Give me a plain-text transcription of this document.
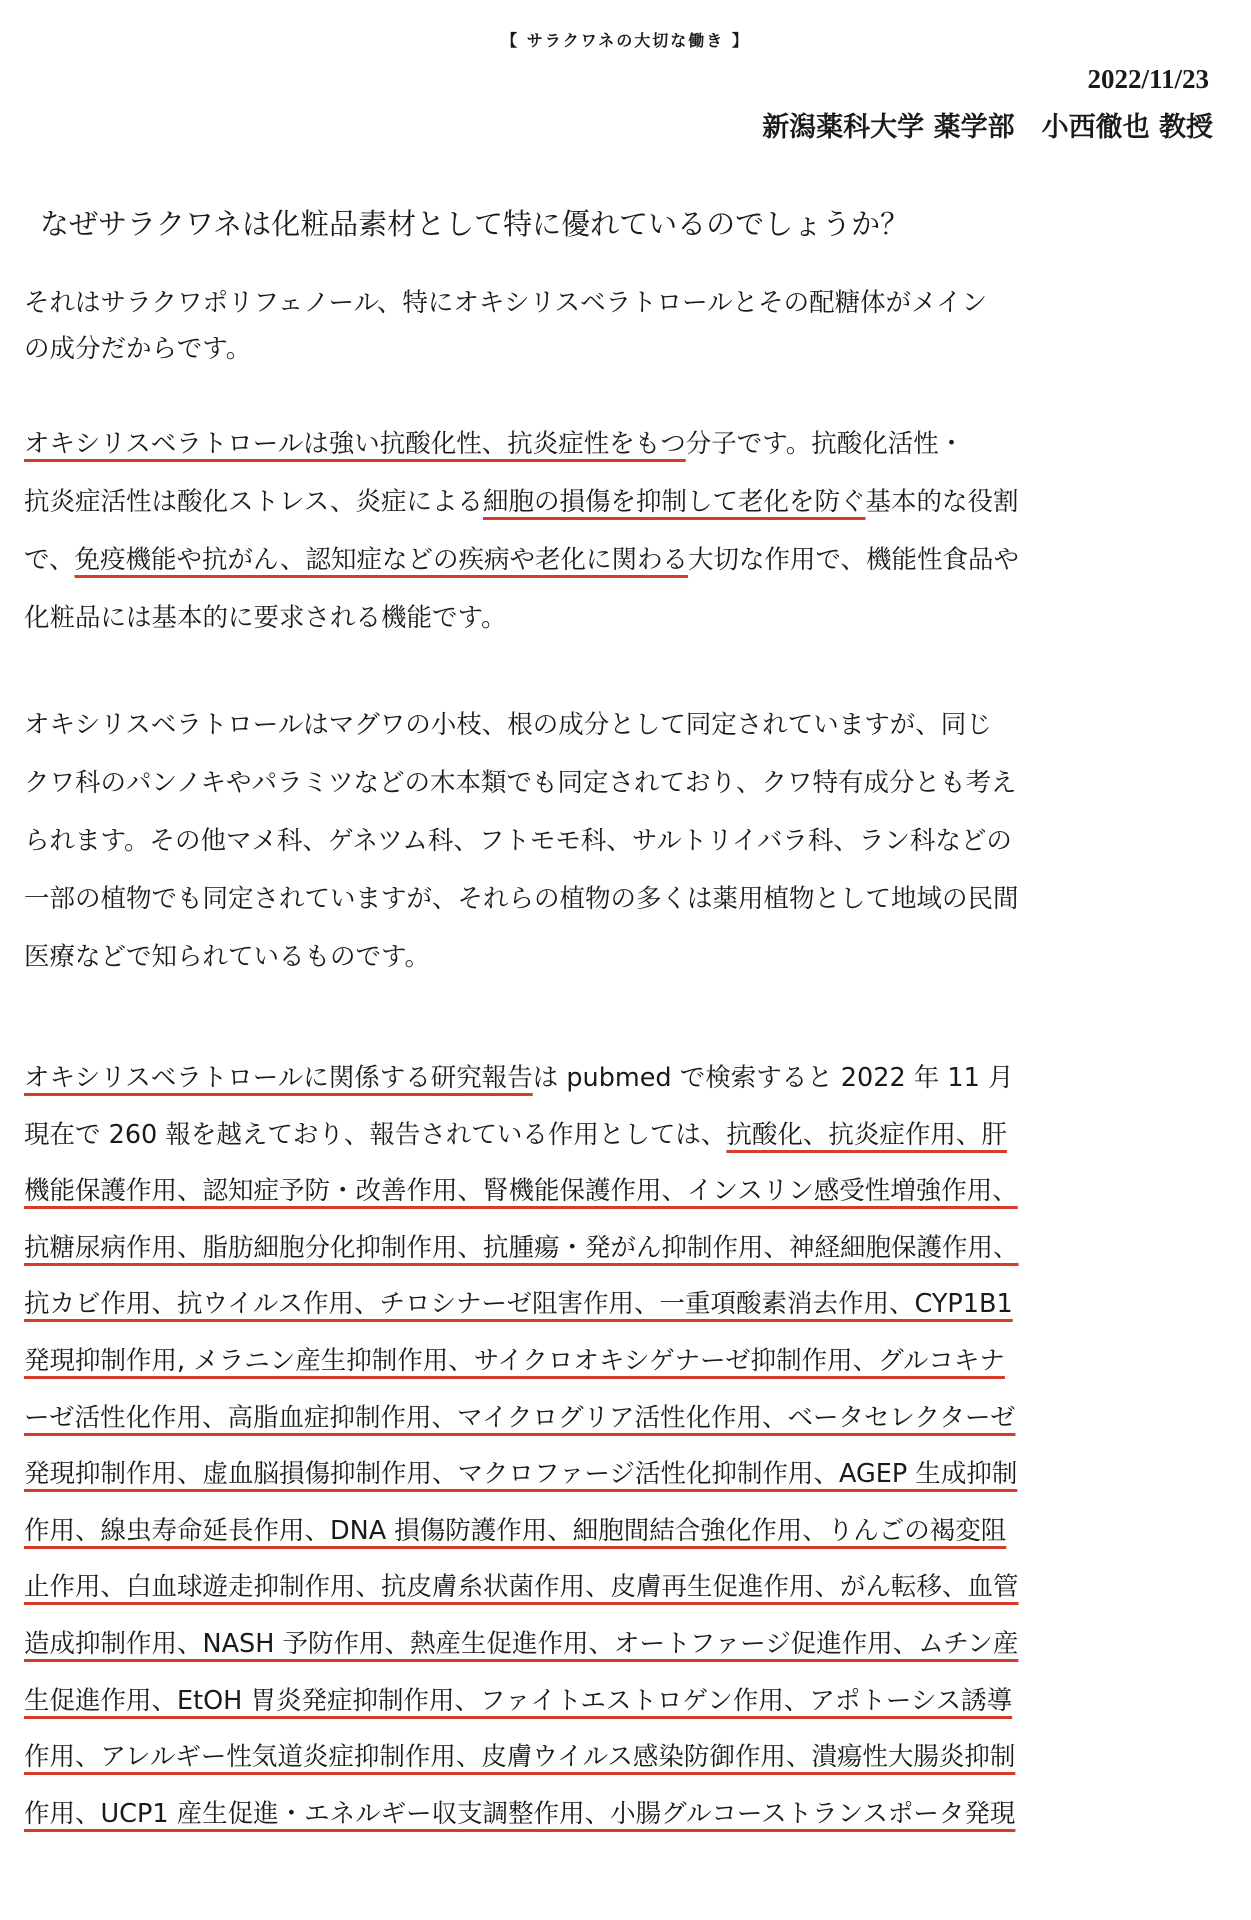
【 サラクワネの大切な働き 】
2022/11/23
新潟薬科大学 薬学部　小西徹也 教授
なぜサラクワネは化粧品素材として特に優れているのでしょうか？
それはサラクワポリフェノール、特にオキシリスベラトロールとその配糖体がメイン
の成分だからです。
オキシリスベラトロールは強い抗酸化性、抗炎症性をもつ分子です。抗酸化活性・
抗炎症活性は酸化ストレス、炎症による細胞の損傷を抑制して老化を防ぐ基本的な役割
で、免疫機能や抗がん、認知症などの疾病や老化に関わる大切な作用で、機能性食品や
化粧品には基本的に要求される機能です。
オキシリスベラトロールはマグワの小枝、根の成分として同定されていますが、同じ
クワ科のパンノキやパラミツなどの木本類でも同定されており、クワ特有成分とも考え
られます。その他マメ科、ゲネツム科、フトモモ科、サルトリイバラ科、ラン科などの
一部の植物でも同定されていますが、それらの植物の多くは薬用植物として地域の民間
医療などで知られているものです。
オキシリスベラトロールに関係する研究報告は pubmed で検索すると 2022 年 11 月
現在で 260 報を越えており、報告されている作用としては、抗酸化、抗炎症作用、肝
機能保護作用、認知症予防・改善作用、腎機能保護作用、インスリン感受性増強作用、
抗糖尿病作用、脂肪細胞分化抑制作用、抗腫瘍・発がん抑制作用、神経細胞保護作用、
抗カビ作用、抗ウイルス作用、チロシナーゼ阻害作用、一重項酸素消去作用、CYP1B1
発現抑制作用, メラニン産生抑制作用、サイクロオキシゲナーゼ抑制作用、グルコキナ
ーゼ活性化作用、高脂血症抑制作用、マイクログリア活性化作用、ベータセレクターゼ
発現抑制作用、虚血脳損傷抑制作用、マクロファージ活性化抑制作用、AGEP 生成抑制
作用、線虫寿命延長作用、DNA 損傷防護作用、細胞間結合強化作用、りんごの褐変阻
止作用、白血球遊走抑制作用、抗皮膚糸状菌作用、皮膚再生促進作用、がん転移、血管
造成抑制作用、NASH 予防作用、熱産生促進作用、オートファージ促進作用、ムチン産
生促進作用、EtOH 胃炎発症抑制作用、ファイトエストロゲン作用、アポトーシス誘導
作用、アレルギー性気道炎症抑制作用、皮膚ウイルス感染防御作用、潰瘍性大腸炎抑制
作用、UCP1 産生促進・エネルギー収支調整作用、小腸グルコーストランスポータ発現
